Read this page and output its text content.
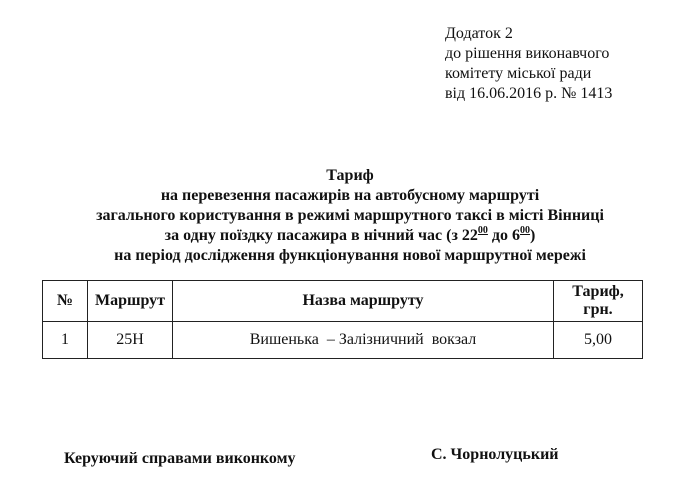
Додаток 2
до рішення виконавчого
комітету міської ради
від 16.06.2016 р. № 1413
Тариф
на перевезення пасажирів на автобусному маршруті
загального користування в режимі маршрутного таксі в місті Вінниці
за одну поїздку пасажира в нічний час (з $22^{00}$ до $6^{00}$)
на період дослідження функціонування нової маршрутної мережі
№	Маршрут	Назва маршруту	Тариф,
грн.

1	25Н	Вишенька  – Залізничний  вокзал	5,00
Керуючий справами виконкому	С. Чорнолуцький
